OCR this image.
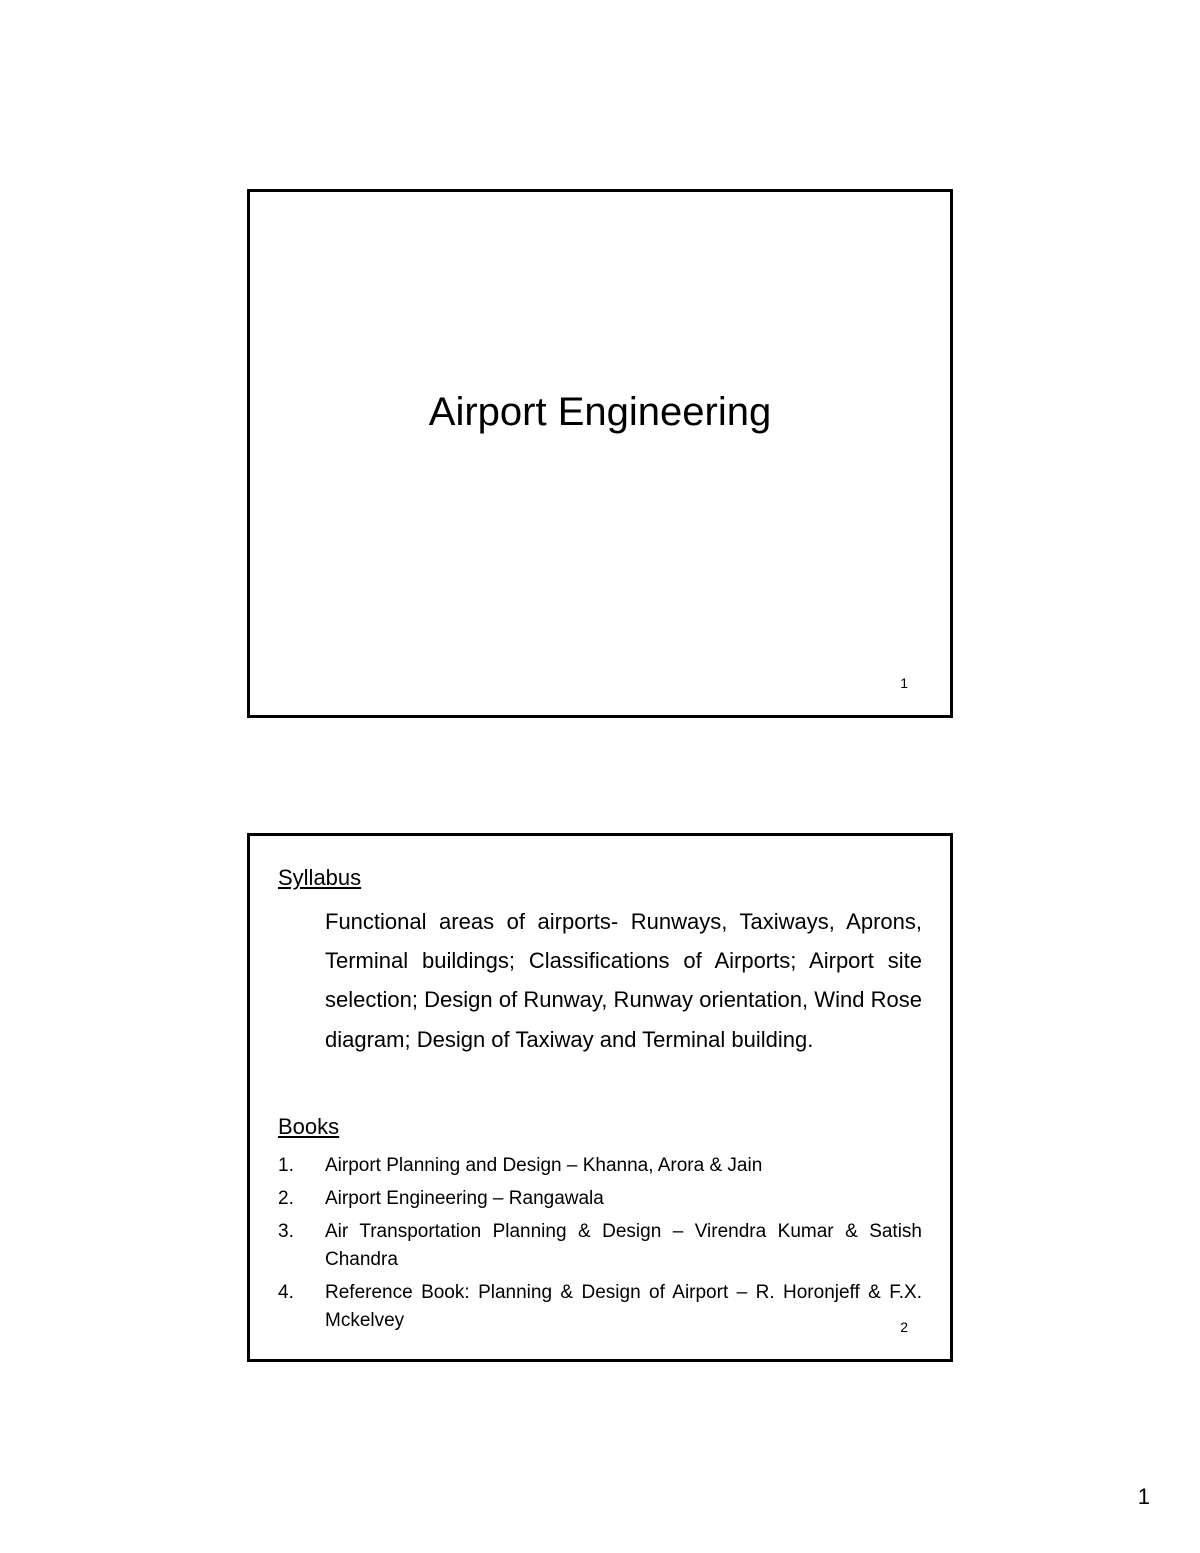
Airport Engineering
1
Syllabus
Functional areas of airports- Runways, Taxiways, Aprons, Terminal buildings; Classifications of Airports; Airport site selection; Design of Runway, Runway orientation, Wind Rose diagram; Design of Taxiway and Terminal building.
Books
1. Airport Planning and Design – Khanna, Arora & Jain
2. Airport Engineering – Rangawala
3. Air Transportation Planning & Design – Virendra Kumar & Satish Chandra
4. Reference Book: Planning & Design of Airport – R. Horonjeff & F.X. Mckelvey	2
1
